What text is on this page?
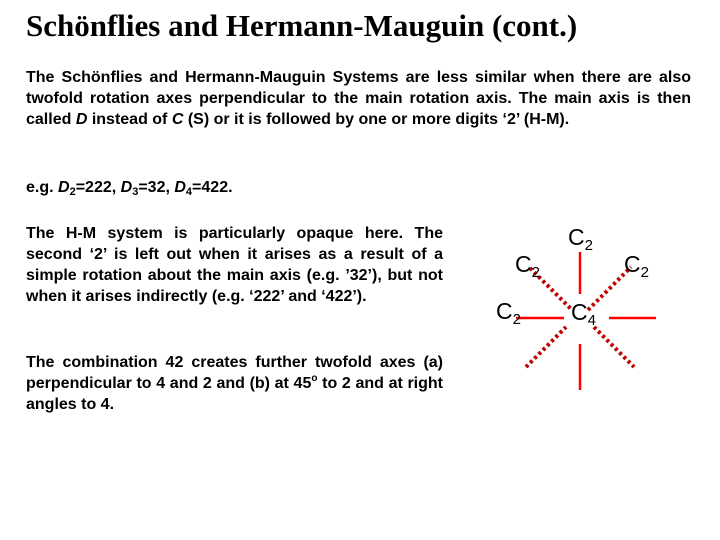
Schönflies and Hermann-Mauguin (cont.)
The Schönflies and Hermann-Mauguin Systems are less similar when there are also twofold rotation axes perpendicular to the main rotation axis. The main axis is then called D instead of C (S) or it is followed by one or more digits ‘2’ (H-M).
e.g. $D_2=222$, $D_3=32$, $D_4=422$.
The H-M system is particularly opaque here. The second ‘2’ is left out when it arises as a result of a simple rotation about the main axis (e.g. ’32’), but not when it arises indirectly (e.g. ‘222’ and ‘422’).
The combination 42 creates further twofold axes (a) perpendicular to 4 and 2 and (b) at 45$^o$ to 2 and at right angles to 4.
$C_2$
$C_2$	$C_2$
$C_2$ $C_4$
